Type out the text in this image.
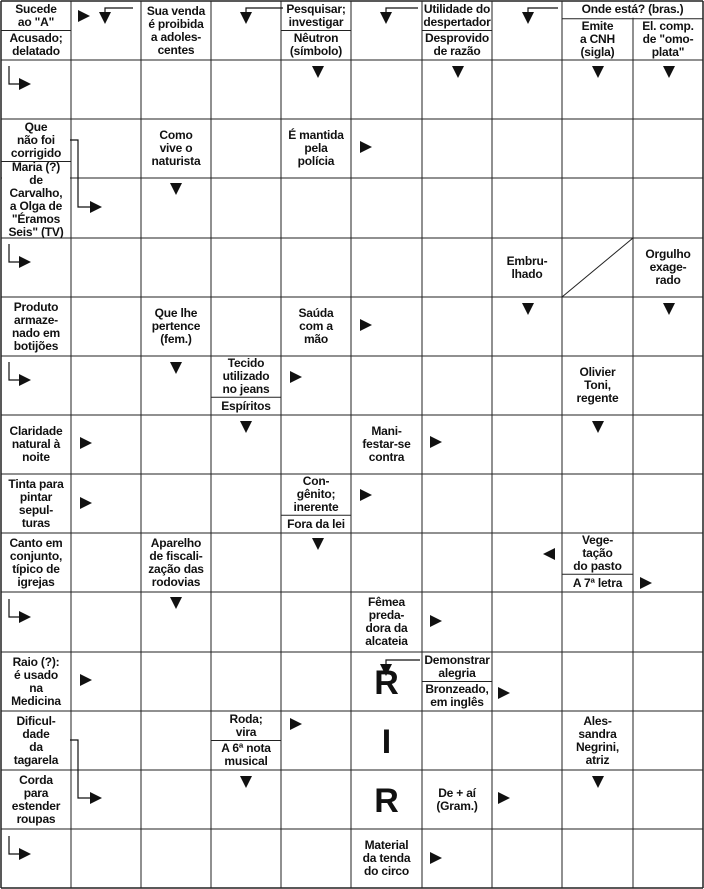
Sucede
ao "A"
Acusado;
delatado
Sua venda
é proibida
a adoles-
centes
Pesquisar;
investigar
Nêutron
(símbolo)
Utilidade do
despertador
Desprovido
de razão
Onde está? (bras.)
Emite
a CNH
(sigla)
El. comp.
de "omo-
plata"
Que
não foi
corrigido
Maria (?)
de Carvalho,
a Olga de
"Éramos
Seis" (TV)
Como
vive o
naturista
É mantida
pela
polícia
Embru-
lhado
Orgulho
exage-
rado
Produto
armaze-
nado em
botijões
Que lhe
pertence
(fem.)
Saúda
com a
mão
Tecido
utilizado
no jeans
Espíritos
Olivier
Toni,
regente
Claridade
natural à
noite
Mani-
festar-se
contra
Tinta para
pintar
sepul-
turas
Con-
gênito;
inerente
Fora da lei
Canto em
conjunto,
típico de
igrejas
Aparelho
de fiscali-
zação das
rodovias
Vege-
tação
do pasto
A 7ª letra
Fêmea
preda-
dora da
alcateia
Raio (?):
é usado
na
Medicina
Demonstrar
alegria
Bronzeado,
em inglês
Dificul-
dade
da
tagarela
Roda;
vira
A 6ª nota
musical
Ales-
sandra
Negrini,
atriz
Corda
para
estender
roupas
De + aí
(Gram.)
Material
da tenda
do circo
R
I
R
